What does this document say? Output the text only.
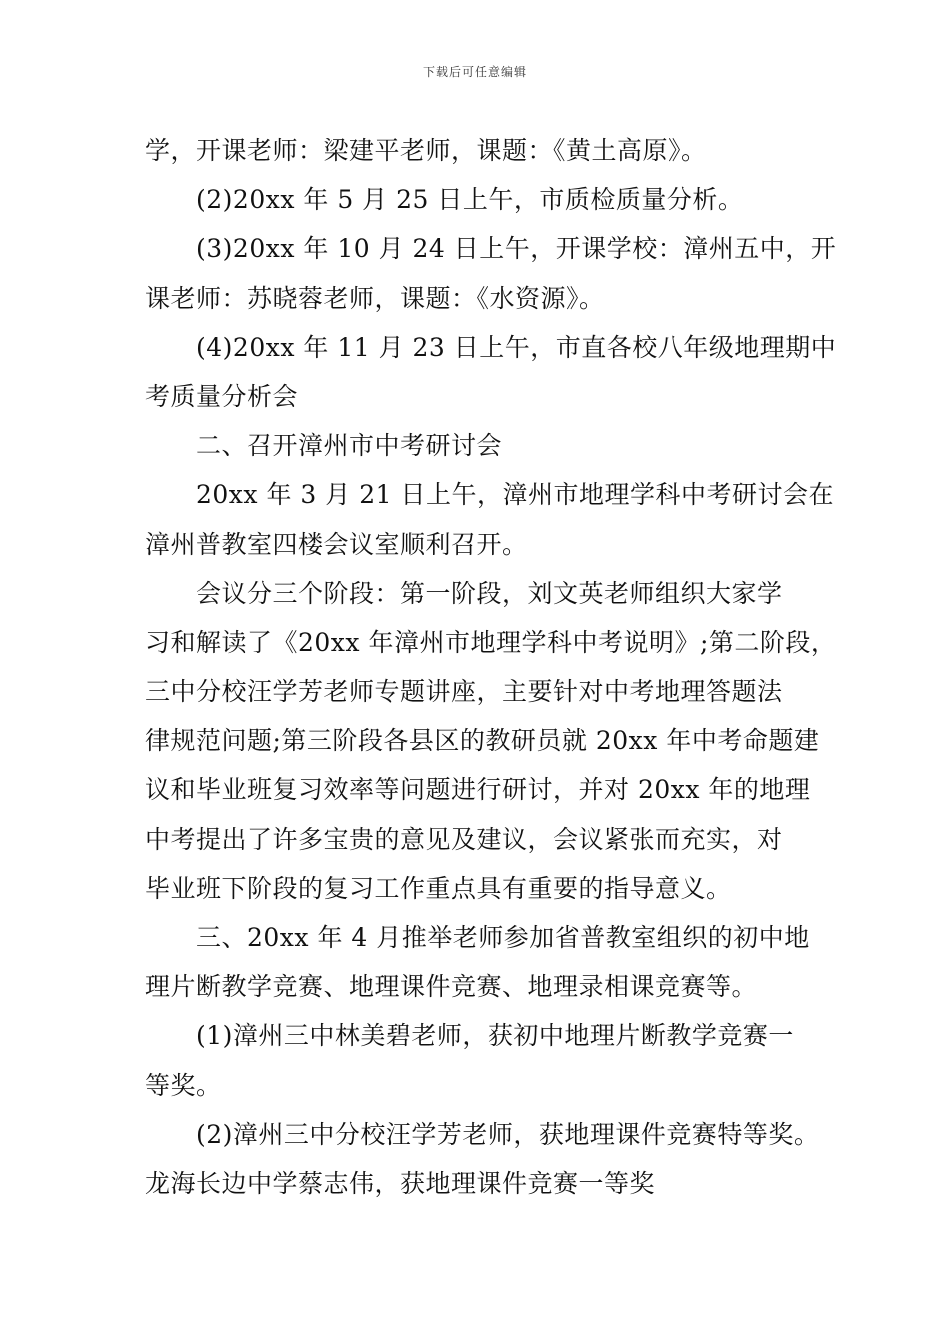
下载后可任意编辑
学，开课老师：梁建平老师，课题：《黄土高原》。
(2)20xx 年 5 月 25 日上午，市质检质量分析。
(3)20xx 年 10 月 24 日上午，开课学校：漳州五中，开
课老师：苏晓蓉老师，课题：《水资源》。
(4)20xx 年 11 月 23 日上午，市直各校八年级地理期中
考质量分析会
二、召开漳州市中考研讨会
20xx 年 3 月 21 日上午，漳州市地理学科中考研讨会在
漳州普教室四楼会议室顺利召开。
会议分三个阶段：第一阶段，刘文英老师组织大家学
习和解读了《20xx 年漳州市地理学科中考说明》;第二阶段，
三中分校汪学芳老师专题讲座，主要针对中考地理答题法
律规范问题;第三阶段各县区的教研员就 20xx 年中考命题建
议和毕业班复习效率等问题进行研讨，并对 20xx 年的地理
中考提出了许多宝贵的意见及建议，会议紧张而充实，对
毕业班下阶段的复习工作重点具有重要的指导意义。
三、20xx 年 4 月推举老师参加省普教室组织的初中地
理片断教学竞赛、地理课件竞赛、地理录相课竞赛等。
(1)漳州三中林美碧老师，获初中地理片断教学竞赛一
等奖。
(2)漳州三中分校汪学芳老师，获地理课件竞赛特等奖。
龙海长边中学蔡志伟，获地理课件竞赛一等奖
